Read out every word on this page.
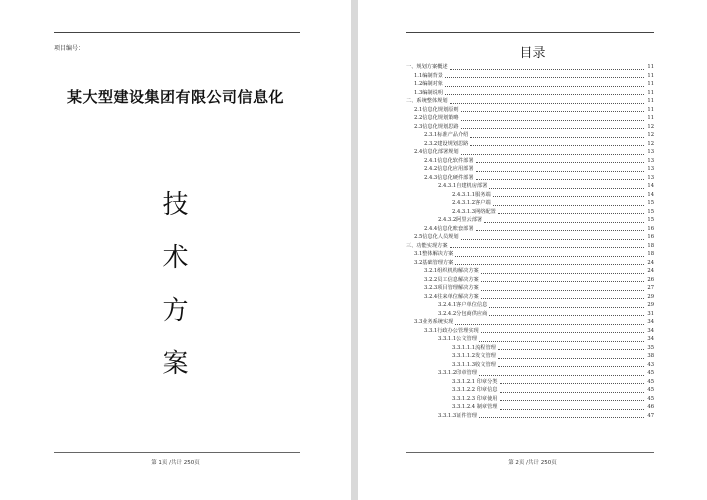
项目编号：
某大型建设集团有限公司信息化
技
术
方
案
第 1页 /共计 250页
目录
一、规划方案概述	11
1.1编制背景	11
1.2编制对象	11
1.3编制说明	11
二、系统整体规划	11
2.1信息化规划原则	11
2.2信息化规划策略	11
2.3信息化规划思路	12
2.3.1标准产品介绍	12
2.3.2建设规划思路	12
2.4信息化部署规划	13
2.4.1信息化软件部署	13
2.4.2信息化应用部署	13
2.4.3信息化硬件部署	13
2.4.3.1自建机房部署	14
2.4.3.1.1服务端	14
2.4.3.1.2客户端	15
2.4.3.1.3网络配置	15
2.4.3.2阿里云部署	15
2.4.4信息化账套部署	16
2.5信息化人员规划	16
三、功能实现方案	18
3.1整体解决方案	18
3.2基础管理方案	24
3.2.1组织机构解决方案	24
3.2.2员工信息解决方案	26
3.2.3项目管理解决方案	27
3.2.4往来单位解决方案	29
3.2.4.1客户单位信息	29
3.2.4.2分包商供应商	31
3.3业务系统实现	34
3.3.1行政办公管理实现	34
3.3.1.1公文管理	34
3.3.1.1.1流程管理	35
3.3.1.1.2发文管理	38
3.3.1.1.3收文管理	43
3.3.1.2印章管理	45
3.3.1.2.1 印章分类	45
3.3.1.2.2 印章信息	45
3.3.1.2.3 印章使用	45
3.3.1.2.4 制章管理	46
3.3.1.3证件管理	47
第 2页 /共计 250页
